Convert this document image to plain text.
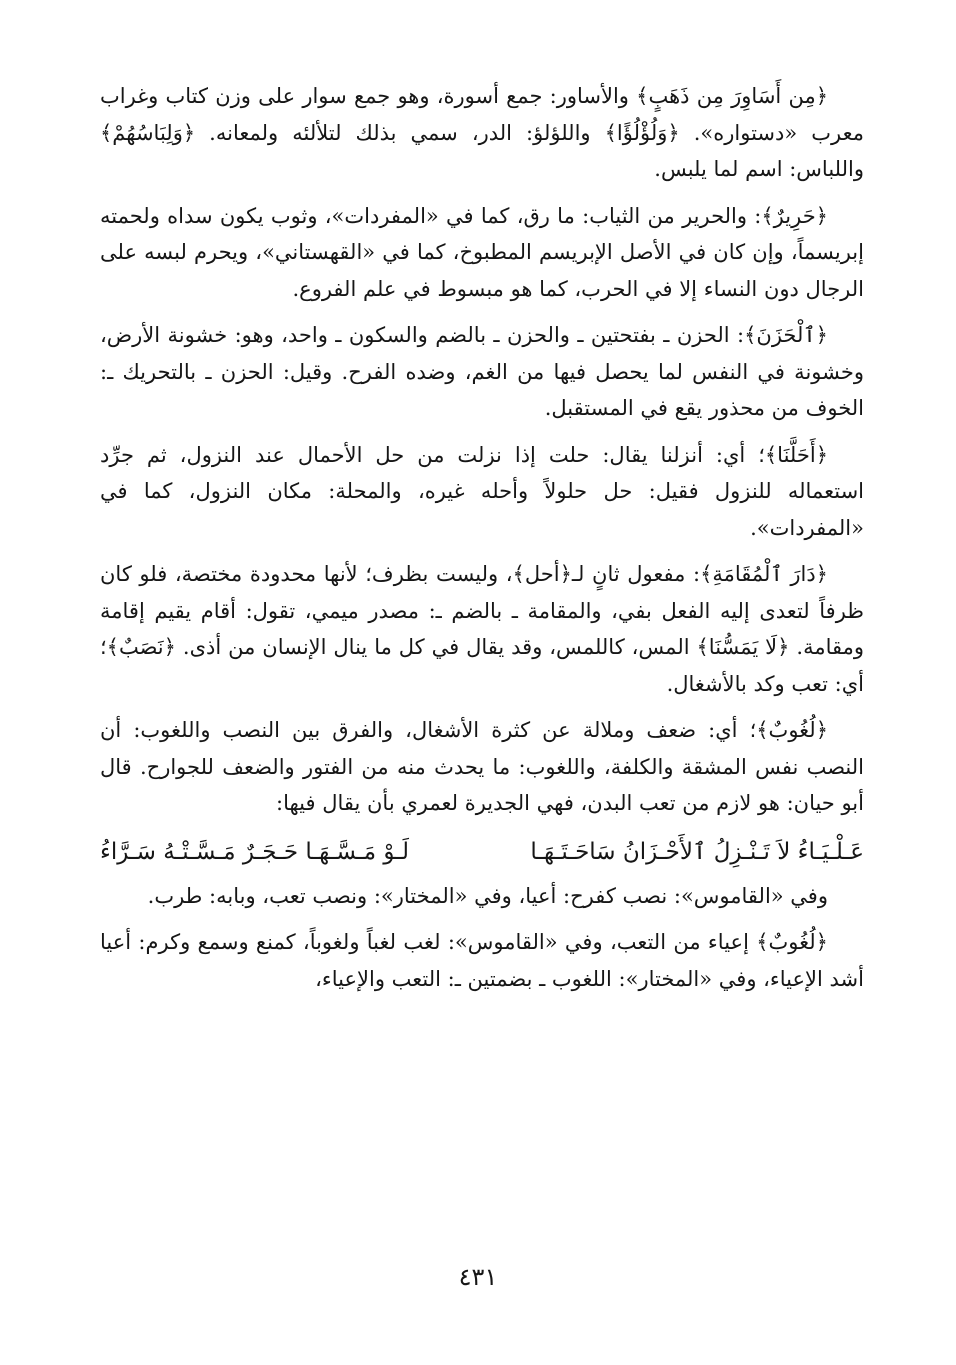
﴿مِن أَسَاوِرَ مِن ذَهَبٍ﴾ والأساور: جمع أسورة، وهو جمع سوار على وزن كتاب وغراب معرب «دستواره». ﴿وَلُؤْلُؤًا﴾ واللؤلؤ: الدر، سمي بذلك لتلألئه ولمعانه. ﴿وَلِبَاسُهُمْ﴾ واللباس: اسم لما يلبس.

﴿حَرِيرٌ﴾: والحرير من الثياب: ما رق، كما في «المفردات»، وثوب يكون سداه ولحمته إبريسماً، وإن كان في الأصل الإبريسم المطبوخ، كما في «القهستاني»، ويحرم لبسه على الرجال دون النساء إلا في الحرب، كما هو مبسوط في علم الفروع.

﴿ٱلْحَزَنَ﴾: الحزن ـ بفتحتين ـ والحزن ـ بالضم والسكون ـ واحد، وهو: خشونة الأرض، وخشونة في النفس لما يحصل فيها من الغم، وضده الفرح. وقيل: الحزن ـ بالتحريك ـ: الخوف من محذور يقع في المستقبل.

﴿أَحَلَّنَا﴾؛ أي: أنزلنا يقال: حلت إذا نزلت من حل الأحمال عند النزول، ثم جرِّد استعماله للنزول فقيل: حل حلولاً وأحله غيره، والمحلة: مكان النزول، كما في «المفردات».

﴿دَارَ ٱلْمُقَامَةِ﴾: مفعول ثانٍ لـ﴿أحل﴾، وليست بظرف؛ لأنها محدودة مختصة، فلو كان ظرفاً لتعدى إليه الفعل بفي، والمقامة ـ بالضم ـ: مصدر ميمي، تقول: أقام يقيم إقامة ومقامة. ﴿لَا يَمَسُّنَا﴾ المس، كاللمس، وقد يقال في كل ما ينال الإنسان من أذى. ﴿نَصَبٌ﴾؛ أي: تعب وكد بالأشغال.

﴿لُغُوبٌ﴾؛ أي: ضعف وملالة عن كثرة الأشغال، والفرق بين النصب واللغوب: أن النصب نفس المشقة والكلفة، واللغوب: ما يحدث منه من الفتور والضعف للجوارح. قال أبو حيان: هو لازم من تعب البدن، فهي الجديرة لعمري بأن يقال فيها:

عَـلْـيَـاءُ لاَ تَـنْـزِلُ ٱلأَحْـزَانُ سَاحَـتَـهَـا
لَـوْ مَـسَّـهَـا حَـجَـرٌ مَـسَّـتْـهُ سَـرَّاءُ

وفي «القاموس»: نصب كفرح: أعيا، وفي «المختار»: ونصب تعب، وبابه: طرب.

﴿لُغُوبٌ﴾ إعياء من التعب، وفي «القاموس»: لغب لغباً ولغوباً، كمنع وسمع وكرم: أعيا أشد الإعياء، وفي «المختار»: اللغوب ـ بضمتين ـ: التعب والإعياء،

٤٣١
